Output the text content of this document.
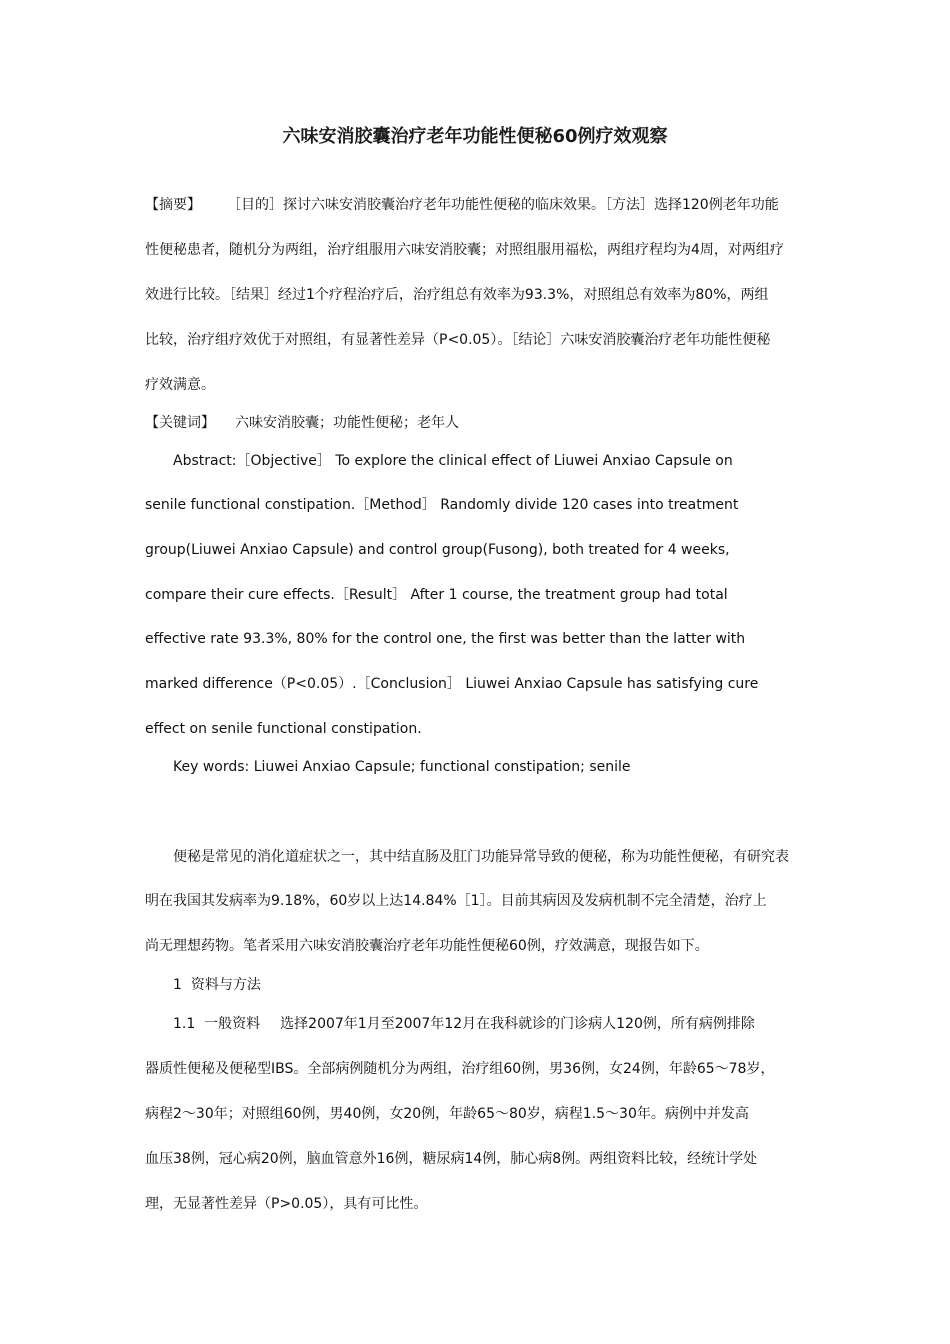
六味安消胶囊治疗老年功能性便秘60例疗效观察
【摘要】 ［目的］探讨六味安消胶囊治疗老年功能性便秘的临床效果。［方法］选择120例老年功能
性便秘患者，随机分为两组，治疗组服用六味安消胶囊；对照组服用福松，两组疗程均为4周，对两组疗
效进行比较。［结果］经过1个疗程治疗后，治疗组总有效率为93.3%，对照组总有效率为80%，两组
比较，治疗组疗效优于对照组，有显著性差异（P<0.05）。［结论］六味安消胶囊治疗老年功能性便秘
疗效满意。
【关键词】 六味安消胶囊；功能性便秘；老年人
Abstract:［Objective］ To explore the clinical effect of Liuwei Anxiao Capsule on
senile functional constipation.［Method］ Randomly divide 120 cases into treatment
group(Liuwei Anxiao Capsule) and control group(Fusong), both treated for 4 weeks,
compare their cure effects.［Result］ After 1 course, the treatment group had total
effective rate 93.3%, 80% for the control one, the first was better than the latter with
marked difference（P<0.05）.［Conclusion］ Liuwei Anxiao Capsule has satisfying cure
effect on senile functional constipation.
Key words: Liuwei Anxiao Capsule; functional constipation; senile
便秘是常见的消化道症状之一，其中结直肠及肛门功能异常导致的便秘，称为功能性便秘，有研究表
明在我国其发病率为9.18%，60岁以上达14.84%［1］。目前其病因及发病机制不完全清楚，治疗上
尚无理想药物。笔者采用六味安消胶囊治疗老年功能性便秘60例，疗效满意，现报告如下。
1 资料与方法
1.1 一般资料 选择2007年1月至2007年12月在我科就诊的门诊病人120例，所有病例排除
器质性便秘及便秘型IBS。全部病例随机分为两组，治疗组60例，男36例，女24例，年龄65～78岁，
病程2～30年；对照组60例，男40例，女20例，年龄65～80岁，病程1.5～30年。病例中并发高
血压38例，冠心病20例，脑血管意外16例，糖尿病14例，肺心病8例。两组资料比较，经统计学处
理，无显著性差异（P>0.05），具有可比性。
